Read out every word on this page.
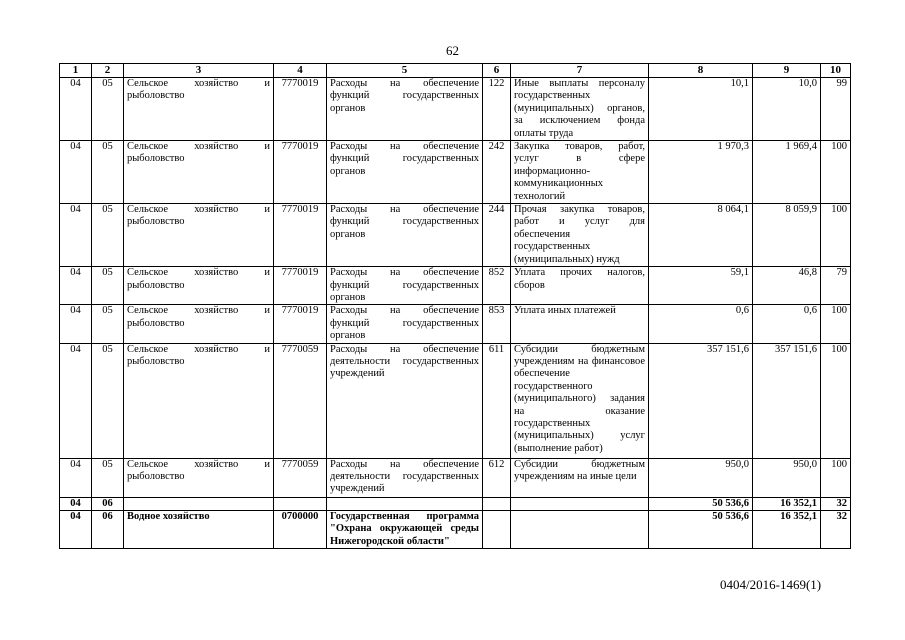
62
1	2	3	4	5	6	7	8	9	10
04	05	Сельское хозяйство и рыболовство	7770019	Расходы на обеспечение функций государственных органов	122	Иные выплаты персоналу государственных (муниципальных) органов, за исключением фонда оплаты труда	10,1	10,0	99
04	05	Сельское хозяйство и рыболовство	7770019	Расходы на обеспечение функций государственных органов	242	Закупка товаров, работ, услуг в сфере информационно-коммуникационных технологий	1 970,3	1 969,4	100
04	05	Сельское хозяйство и рыболовство	7770019	Расходы на обеспечение функций государственных органов	244	Прочая закупка товаров, работ и услуг для обеспечения государственных (муниципальных) нужд	8 064,1	8 059,9	100
04	05	Сельское хозяйство и рыболовство	7770019	Расходы на обеспечение функций государственных органов	852	Уплата прочих налогов, сборов	59,1	46,8	79
04	05	Сельское хозяйство и рыболовство	7770019	Расходы на обеспечение функций государственных органов	853	Уплата иных платежей	0,6	0,6	100
04	05	Сельское хозяйство и рыболовство	7770059	Расходы на обеспечение деятельности государственных учреждений	611	Субсидии бюджетным учреждениям на финансовое обеспечение государственного (муниципального) задания на оказание государственных (муниципальных) услуг (выполнение работ)	357 151,6	357 151,6	100
04	05	Сельское хозяйство и рыболовство	7770059	Расходы на обеспечение деятельности государственных учреждений	612	Субсидии бюджетным учреждениям на иные цели	950,0	950,0	100
04	06						50 536,6	16 352,1	32
04	06	Водное хозяйство	0700000	Государственная программа "Охрана окружающей среды Нижегородской области"			50 536,6	16 352,1	32
0404/2016-1469(1)
